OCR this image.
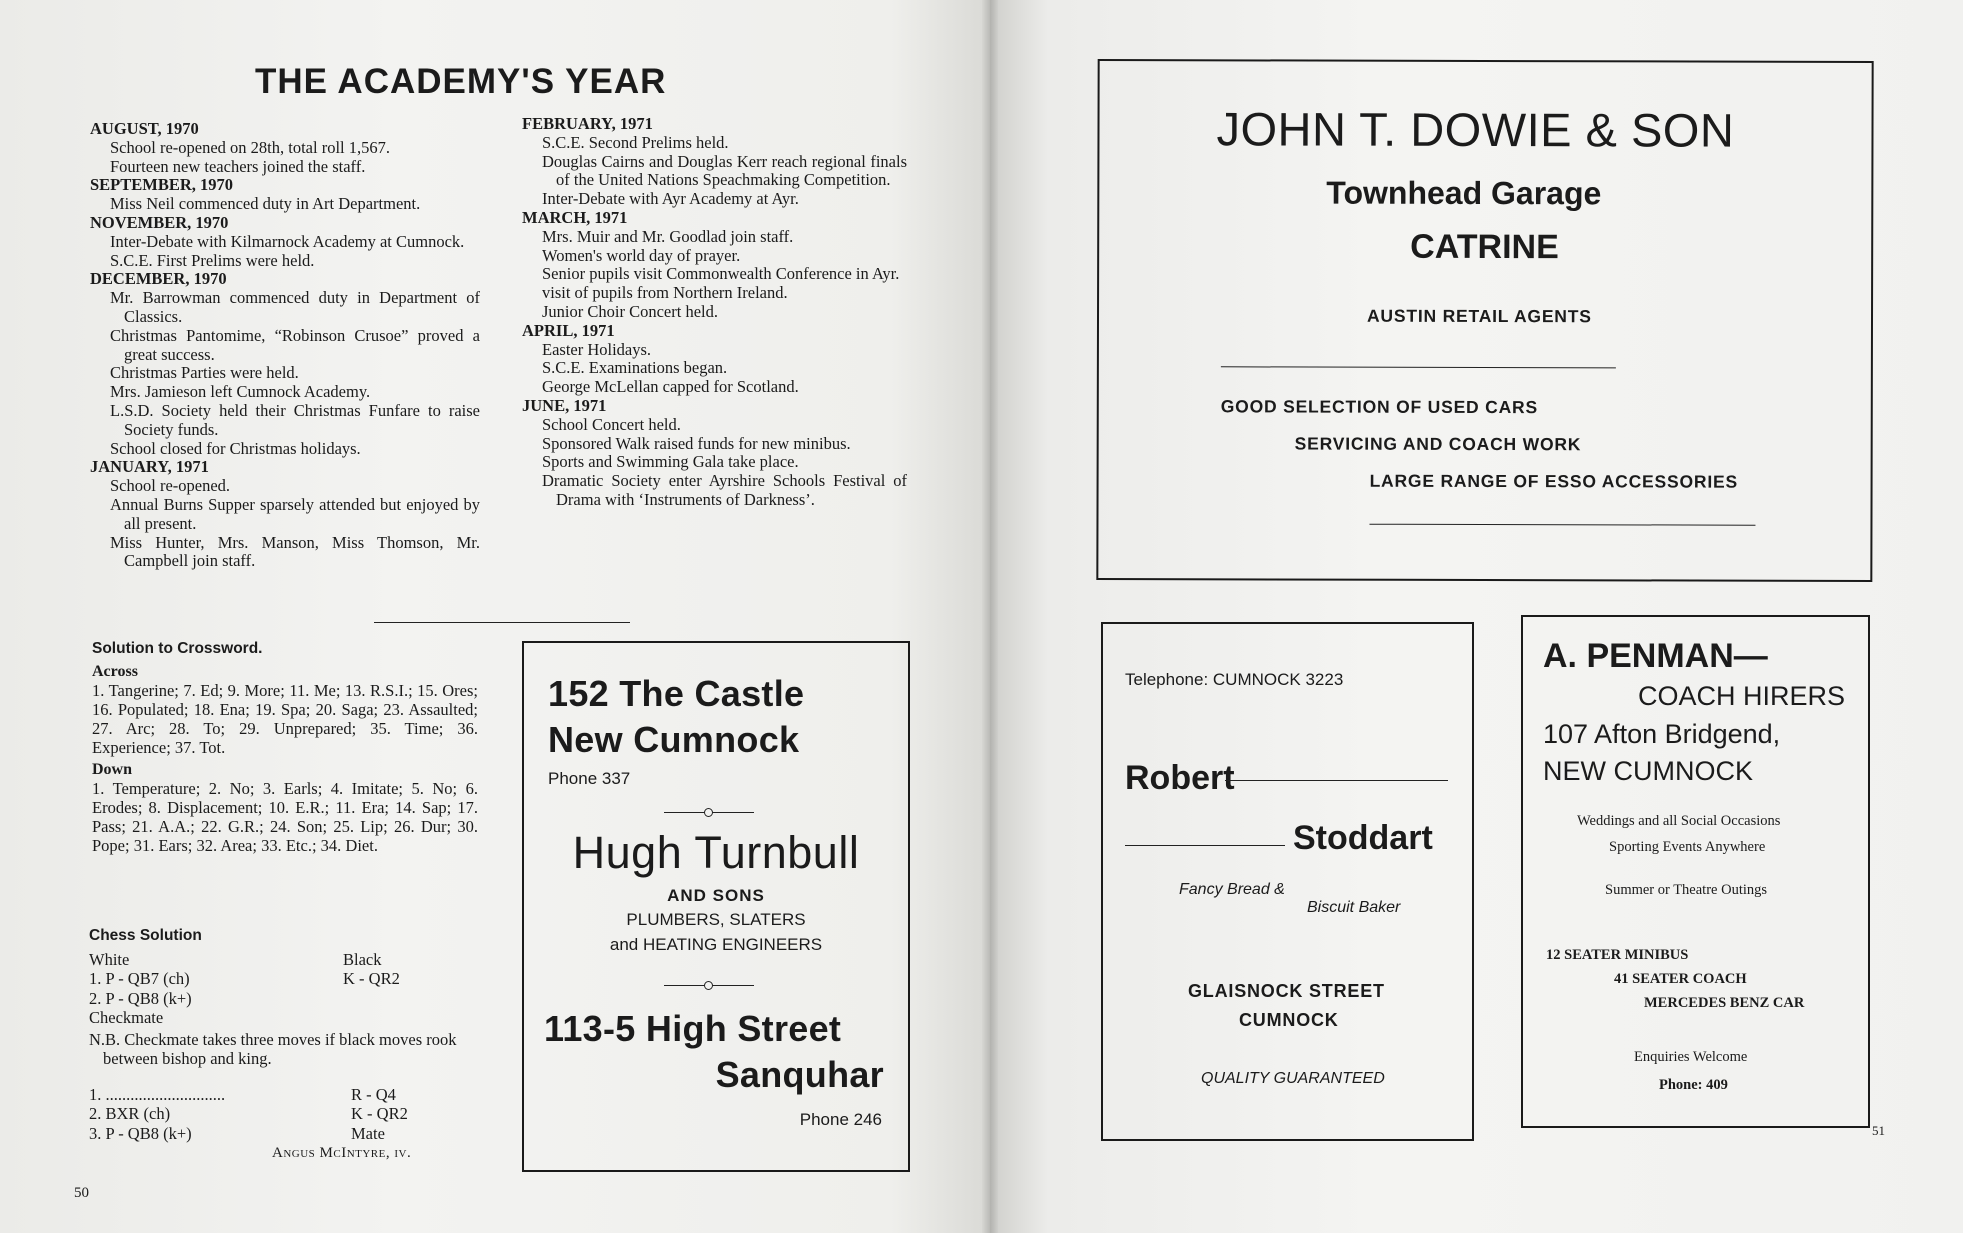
THE ACADEMY'S YEAR
AUGUST, 1970
School re-opened on 28th, total roll 1,567.
Fourteen new teachers joined the staff.
SEPTEMBER, 1970
Miss Neil commenced duty in Art Department.
NOVEMBER, 1970
Inter-Debate with Kilmarnock Academy at Cumnock.
S.C.E. First Prelims were held.
DECEMBER, 1970
Mr. Barrowman commenced duty in Department of Classics.
Christmas Pantomime, “Robinson Crusoe” proved a great success.
Christmas Parties were held.
Mrs. Jamieson left Cumnock Academy.
L.S.D. Society held their Christmas Funfare to raise Society funds.
School closed for Christmas holidays.
JANUARY, 1971
School re-opened.
Annual Burns Supper sparsely attended but enjoyed by all present.
Miss Hunter, Mrs. Manson, Miss Thomson, Mr. Campbell join staff.
FEBRUARY, 1971
S.C.E. Second Prelims held.
Douglas Cairns and Douglas Kerr reach regional finals of the United Nations Speachmaking Competition.
Inter-Debate with Ayr Academy at Ayr.
MARCH, 1971
Mrs. Muir and Mr. Goodlad join staff.
Women's world day of prayer.
Senior pupils visit Commonwealth Conference in Ayr.
visit of pupils from Northern Ireland.
Junior Choir Concert held.
APRIL, 1971
Easter Holidays.
S.C.E. Examinations began.
George McLellan capped for Scotland.
JUNE, 1971
School Concert held.
Sponsored Walk raised funds for new minibus.
Sports and Swimming Gala take place.
Dramatic Society enter Ayrshire Schools Festival of Drama with ‘Instruments of Darkness’.
Solution to Crossword.
Across
1. Tangerine; 7. Ed; 9. More; 11. Me; 13. R.S.I.; 15. Ores; 16. Populated; 18. Ena; 19. Spa; 20. Saga; 23. Assaulted; 27. Arc; 28. To; 29. Unprepared; 35. Time; 36. Experience; 37. Tot.
Down
1. Temperature; 2. No; 3. Earls; 4. Imitate; 5. No; 6. Erodes; 8. Displacement; 10. E.R.; 11. Era; 14. Sap; 17. Pass; 21. A.A.; 22. G.R.; 24. Son; 25. Lip; 26. Dur; 30. Pope; 31. Ears; 32. Area; 33. Etc.; 34. Diet.
Chess Solution
White	Black
1. P - QB7 (ch)	K - QR2
2. P - QB8 (k+)	
Checkmate	
N.B. Checkmate takes three moves if black moves rook between bishop and king.
1. .............................	R - Q4
2. BXR (ch)	K - QR2
3. P - QB8 (k+)	Mate
Angus McIntyre, iv.
152 The Castle
New Cumnock
Phone 337
Hugh Turnbull
AND SONS
PLUMBERS, SLATERS
and HEATING ENGINEERS
113-5 High Street
Sanquhar
Phone 246
50
JOHN T. DOWIE & SON
Townhead Garage
CATRINE
AUSTIN RETAIL AGENTS
GOOD SELECTION OF USED CARS
SERVICING AND COACH WORK
LARGE RANGE OF ESSO ACCESSORIES
Telephone: CUMNOCK 3223
Robert
Stoddart
Fancy Bread &
Biscuit Baker
GLAISNOCK STREET
CUMNOCK
QUALITY GUARANTEED
A. PENMAN—
COACH HIRERS
107 Afton Bridgend,
NEW CUMNOCK
Weddings and all Social Occasions
Sporting Events Anywhere
Summer or Theatre Outings
12 SEATER MINIBUS
41 SEATER COACH
MERCEDES BENZ CAR
Enquiries Welcome
Phone: 409
51
